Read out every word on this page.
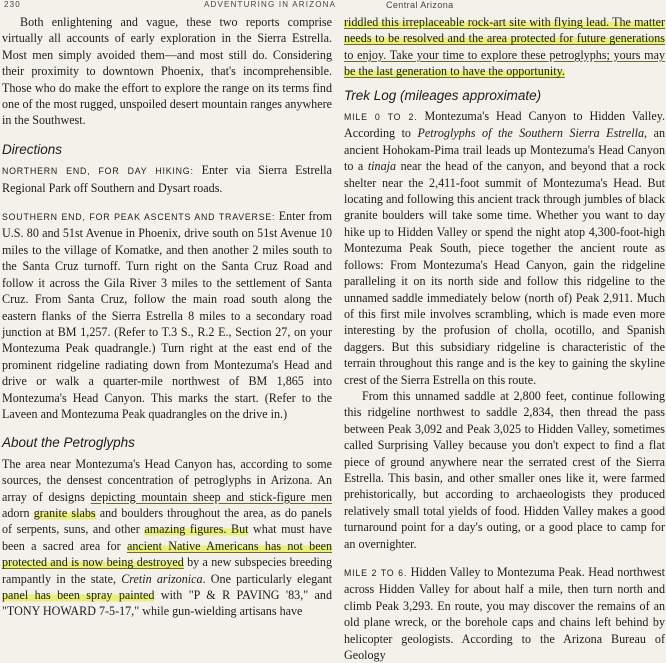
230	ADVENTURING IN ARIZONA	Central Arizona

Both enlightening and vague, these two reports comprise virtually all accounts of early exploration in the Sierra Estrella. Most men simply avoided them—and most still do. Considering their proximity to downtown Phoenix, that's incomprehensible. Those who do make the effort to explore the range on its terms find one of the most rugged, unspoiled desert mountain ranges anywhere in the Southwest.

Directions

NORTHERN END, FOR DAY HIKING: Enter via Sierra Estrella Regional Park off Southern and Dysart roads.

SOUTHERN END, FOR PEAK ASCENTS AND TRAVERSE: Enter from U.S. 80 and 51st Avenue in Phoenix, drive south on 51st Avenue 10 miles to the village of Komatke, and then another 2 miles south to the Santa Cruz turnoff. Turn right on the Santa Cruz Road and follow it across the Gila River 3 miles to the settlement of Santa Cruz. From Santa Cruz, follow the main road south along the eastern flanks of the Sierra Estrella 8 miles to a secondary road junction at BM 1,257. (Refer to T.3 S., R.2 E., Section 27, on your Montezuma Peak quadrangle.) Turn right at the east end of the prominent ridgeline radiating down from Montezuma's Head and drive or walk a quarter-mile northwest of BM 1,865 into Montezuma's Head Canyon. This marks the start. (Refer to the Laveen and Montezuma Peak quadrangles on the drive in.)

About the Petroglyphs

The area near Montezuma's Head Canyon has, according to some sources, the densest concentration of petroglyphs in Arizona. An array of designs depicting mountain sheep and stick-figure men adorn granite slabs and boulders throughout the area, as do panels of serpents, suns, and other amazing figures. But what must have been a sacred area for ancient Native Americans has not been protected and is now being destroyed by a new subspecies breeding rampantly in the state, Cretin arizonica. One particularly elegant panel has been spray painted with "P & R PAVING '83," and "TONY HOWARD 7-5-17," while gun-wielding artisans have

riddled this irreplaceable rock-art site with flying lead. The matter needs to be resolved and the area protected for future generations to enjoy. Take your time to explore these petroglyphs; yours may be the last generation to have the opportunity.

Trek Log (mileages approximate)

MILE 0 TO 2. Montezuma's Head Canyon to Hidden Valley. According to Petroglyphs of the Southern Sierra Estrella, an ancient Hohokam-Pima trail leads up Montezuma's Head Canyon to a tinaja near the head of the canyon, and beyond that a rock shelter near the 2,411-foot summit of Montezuma's Head. But locating and following this ancient track through jumbles of black granite boulders will take some time. Whether you want to day hike up to Hidden Valley or spend the night atop 4,300-foot-high Montezuma Peak South, piece together the ancient route as follows: From Montezuma's Head Canyon, gain the ridgeline paralleling it on its north side and follow this ridgeline to the unnamed saddle immediately below (north of) Peak 2,911. Much of this first mile involves scrambling, which is made even more interesting by the profusion of cholla, ocotillo, and Spanish daggers. But this subsidiary ridgeline is characteristic of the terrain throughout this range and is the key to gaining the skyline crest of the Sierra Estrella on this route.

From this unnamed saddle at 2,800 feet, continue following this ridgeline northwest to saddle 2,834, then thread the pass between Peak 3,092 and Peak 3,025 to Hidden Valley, sometimes called Surprising Valley because you don't expect to find a flat piece of ground anywhere near the serrated crest of the Sierra Estrella. This basin, and other smaller ones like it, were farmed prehistorically, but according to archaeologists they produced relatively small total yields of food. Hidden Valley makes a good turnaround point for a day's outing, or a good place to camp for an overnighter.

MILE 2 TO 6. Hidden Valley to Montezuma Peak. Head northwest across Hidden Valley for about half a mile, then turn north and climb Peak 3,293. En route, you may discover the remains of an old plane wreck, or the borehole caps and chains left behind by helicopter geologists. According to the Arizona Bureau of Geology
